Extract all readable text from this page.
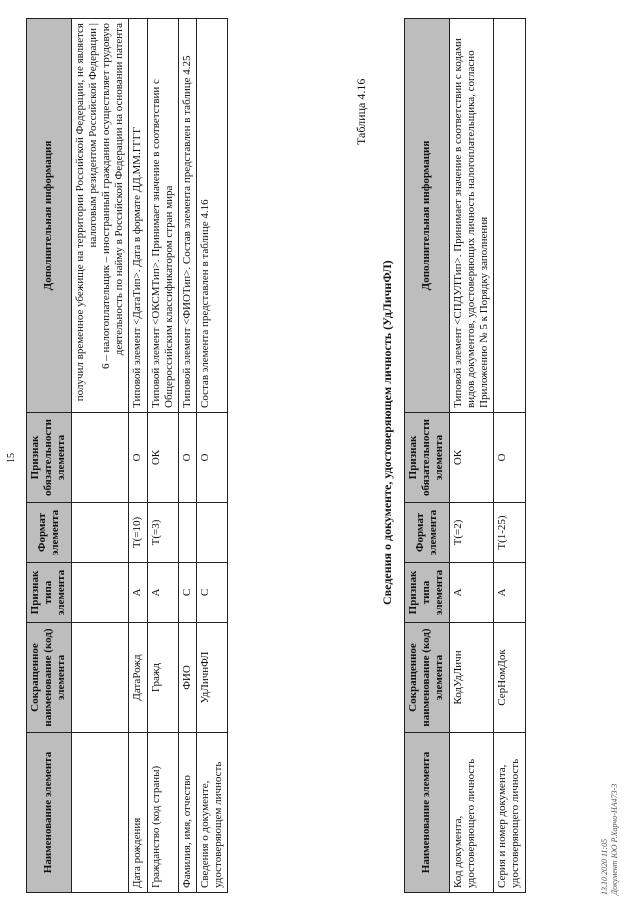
15
Наименование элемента	Сокращенное наименование (код) элемента	Признак типа элемента	Формат элемента	Признак обязательности элемента	Дополнительная информация

					получил временное убежище на территории Российской Федерации, не является налоговым резидентом Российской Федерации | 6 – налогоплательщик – иностранный гражданин осуществляет трудовую деятельность по найму в Российской Федерации на основании патента

Дата рождения	ДатаРожд	А	T(=10)	О	Типовой элемент <ДатаТип>. Дата в формате ДД.ММ.ГГГГ
Гражданство (код страны)	Гражд	А	T(=3)	ОК	Типовой элемент <ОКСМТип>. Принимает значение в соответствии с Общероссийским классификатором стран мира
Фамилия, имя, отчество	ФИО	С		О	Типовой элемент <ФИОТип>. Состав элемента представлен в таблице 4.25
Сведения о документе, удостоверяющем личность	УдЛичнФЛ	С		О	Состав элемента представлен в таблице 4.16
Таблица 4.16
Сведения о документе, удостоверяющем личность (УдЛичнФЛ)
Наименование элемента	Сокращенное наименование (код) элемента	Признак типа элемента	Формат элемента	Признак обязательности элемента	Дополнительная информация
Код документа, удостоверяющего личность	КодУдЛичн	А	T(=2)	ОК	Типовой элемент <СПДУЛТип>. Принимает значение в соответствии с кодами видов документов, удостоверяющих личность налогоплательщика, согласно Приложению № 5 к Порядку заполнения
Серия и номер документа, удостоверяющего личность	СерНомДок	А	T(1-25)	О	
13.10.2020 11:05 Документ ЮО Р.Харчо-НА473-3
